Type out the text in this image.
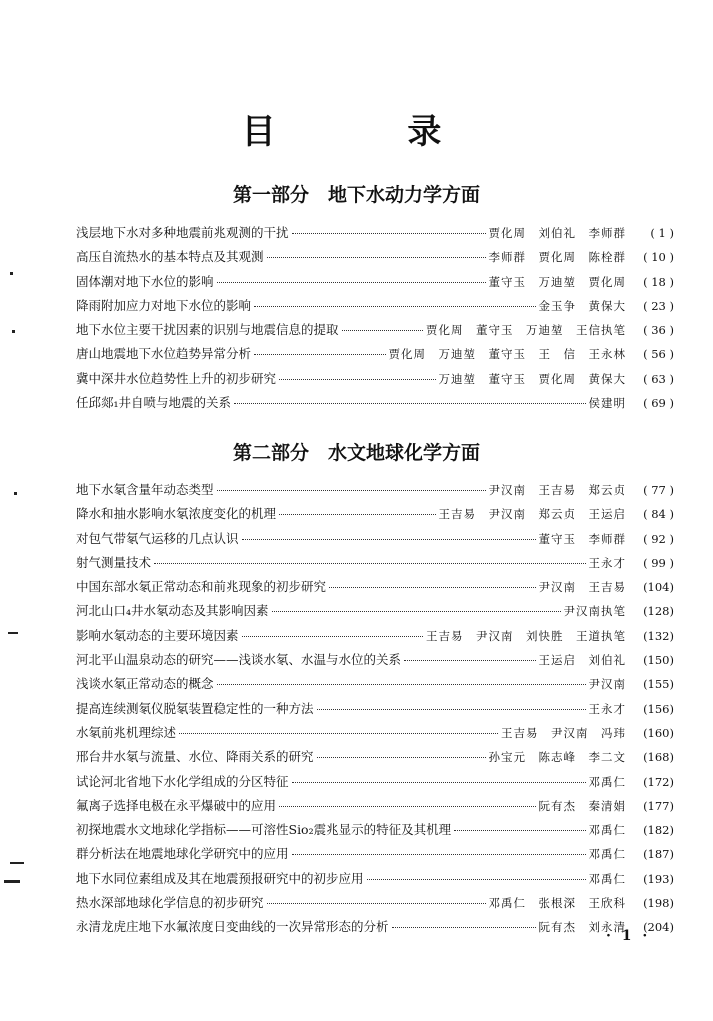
目 录
第一部分　地下水动力学方面
浅层地下水对多种地震前兆观测的干扰	贾化周　刘伯礼　李师群	( 1 )
高压自流热水的基本特点及其观测	李师群　贾化周　陈栓群	( 10 )
固体潮对地下水位的影响	董守玉　万迪堃　贾化周	( 18 )
降雨附加应力对地下水位的影响	金玉争　黄保大	( 23 )
地下水位主要干扰因素的识别与地震信息的提取	贾化周　董守玉　万迪堃　王信执笔	( 36 )
唐山地震地下水位趋势异常分析	贾化周　万迪堃　董守玉　王　信　王永林	( 56 )
冀中深井水位趋势性上升的初步研究	万迪堃　董守玉　贾化周　黄保大	( 63 )
任邱郯₁井自喷与地震的关系	侯建明	( 69 )
第二部分　水文地球化学方面
地下水氡含量年动态类型	尹汉南　王吉易　郑云贞	( 77 )
降水和抽水影响水氡浓度变化的机理	王吉易　尹汉南　郑云贞　王运启	( 84 )
对包气带氡气运移的几点认识	董守玉　李师群	( 92 )
射气测量技术	王永才	( 99 )
中国东部水氡正常动态和前兆现象的初步研究	尹汉南　王吉易	(104)
河北山口₄井水氡动态及其影响因素	尹汉南执笔	(128)
影响水氡动态的主要环境因素	王吉易　尹汉南　刘快胜　王道执笔	(132)
河北平山温泉动态的研究——浅谈水氡、水温与水位的关系	王运启　刘伯礼	(150)
浅谈水氡正常动态的概念	尹汉南	(155)
提高连续测氡仪脱氡装置稳定性的一种方法	王永才	(156)
水氡前兆机理综述	王吉易　尹汉南　冯玮	(160)
邢台井水氡与流量、水位、降雨关系的研究	孙宝元　陈志峰　李二文	(168)
试论河北省地下水化学组成的分区特征	邓禹仁	(172)
氟离子选择电极在永平爆破中的应用	阮有杰　秦清娟	(177)
初探地震水文地球化学指标——可溶性Sio₂震兆显示的特征及其机理	邓禹仁	(182)
群分析法在地震地球化学研究中的应用	邓禹仁	(187)
地下水同位素组成及其在地震预报研究中的初步应用	邓禹仁	(193)
热水深部地球化学信息的初步研究	邓禹仁　张根深　王欣科	(198)
永清龙虎庄地下水氟浓度日变曲线的一次异常形态的分析	阮有杰　刘永清	(204)
· 1 ·
